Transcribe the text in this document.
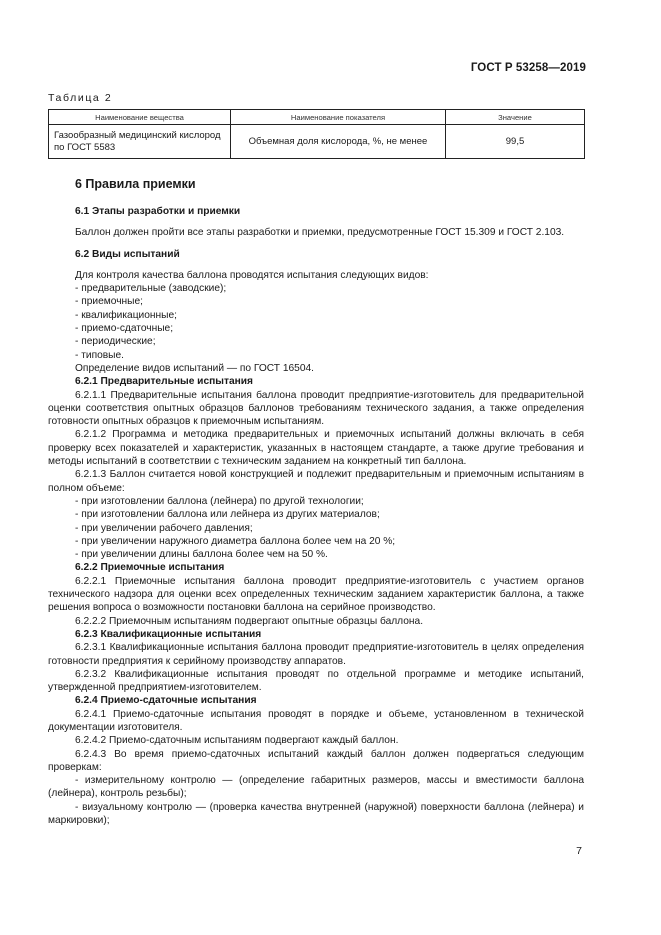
ГОСТ Р 53258—2019
Таблица 2
Наименование вещества	Наименование показателя	Значение
Газообразный медицинский кислород по ГОСТ 5583	Объемная доля кислорода, %, не менее	99,5
6 Правила приемки
6.1 Этапы разработки и приемки

Баллон должен пройти все этапы разработки и приемки, предусмотренные ГОСТ 15.309 и ГОСТ 2.103.

6.2 Виды испытаний

Для контроля качества баллона проводятся испытания следующих видов:

- предварительные (заводские);

- приемочные;

- квалификационные;

- приемо-сдаточные;

- периодические;

- типовые.

Определение видов испытаний — по ГОСТ 16504.

6.2.1 Предварительные испытания

6.2.1.1 Предварительные испытания баллона проводит предприятие-изготовитель для предварительной оценки соответствия опытных образцов баллонов требованиям технического задания, а также определения готовности опытных образцов к приемочным испытаниям.

6.2.1.2 Программа и методика предварительных и приемочных испытаний должны включать в себя проверку всех показателей и характеристик, указанных в настоящем стандарте, а также другие требования и методы испытаний в соответствии с техническим заданием на конкретный тип баллона.

6.2.1.3 Баллон считается новой конструкцией и подлежит предварительным и приемочным испытаниям в полном объеме:

- при изготовлении баллона (лейнера) по другой технологии;

- при изготовлении баллона или лейнера из других материалов;

- при увеличении рабочего давления;

- при увеличении наружного диаметра баллона более чем на 20 %;

- при увеличении длины баллона более чем на 50 %.

6.2.2 Приемочные испытания

6.2.2.1 Приемочные испытания баллона проводит предприятие-изготовитель с участием органов технического надзора для оценки всех определенных техническим заданием характеристик баллона, а также решения вопроса о возможности постановки баллона на серийное производство.

6.2.2.2 Приемочным испытаниям подвергают опытные образцы баллона.

6.2.3 Квалификационные испытания

6.2.3.1 Квалификационные испытания баллона проводит предприятие-изготовитель в целях определения готовности предприятия к серийному производству аппаратов.

6.2.3.2 Квалификационные испытания проводят по отдельной программе и методике испытаний, утвержденной предприятием-изготовителем.

6.2.4 Приемо-сдаточные испытания

6.2.4.1 Приемо-сдаточные испытания проводят в порядке и объеме, установленном в технической документации изготовителя.

6.2.4.2 Приемо-сдаточным испытаниям подвергают каждый баллон.

6.2.4.3 Во время приемо-сдаточных испытаний каждый баллон должен подвергаться следующим проверкам:

- измерительному контролю — (определение габаритных размеров, массы и вместимости баллона (лейнера), контроль резьбы);

- визуальному контролю — (проверка качества внутренней (наружной) поверхности баллона (лейнера) и маркировки);

7
